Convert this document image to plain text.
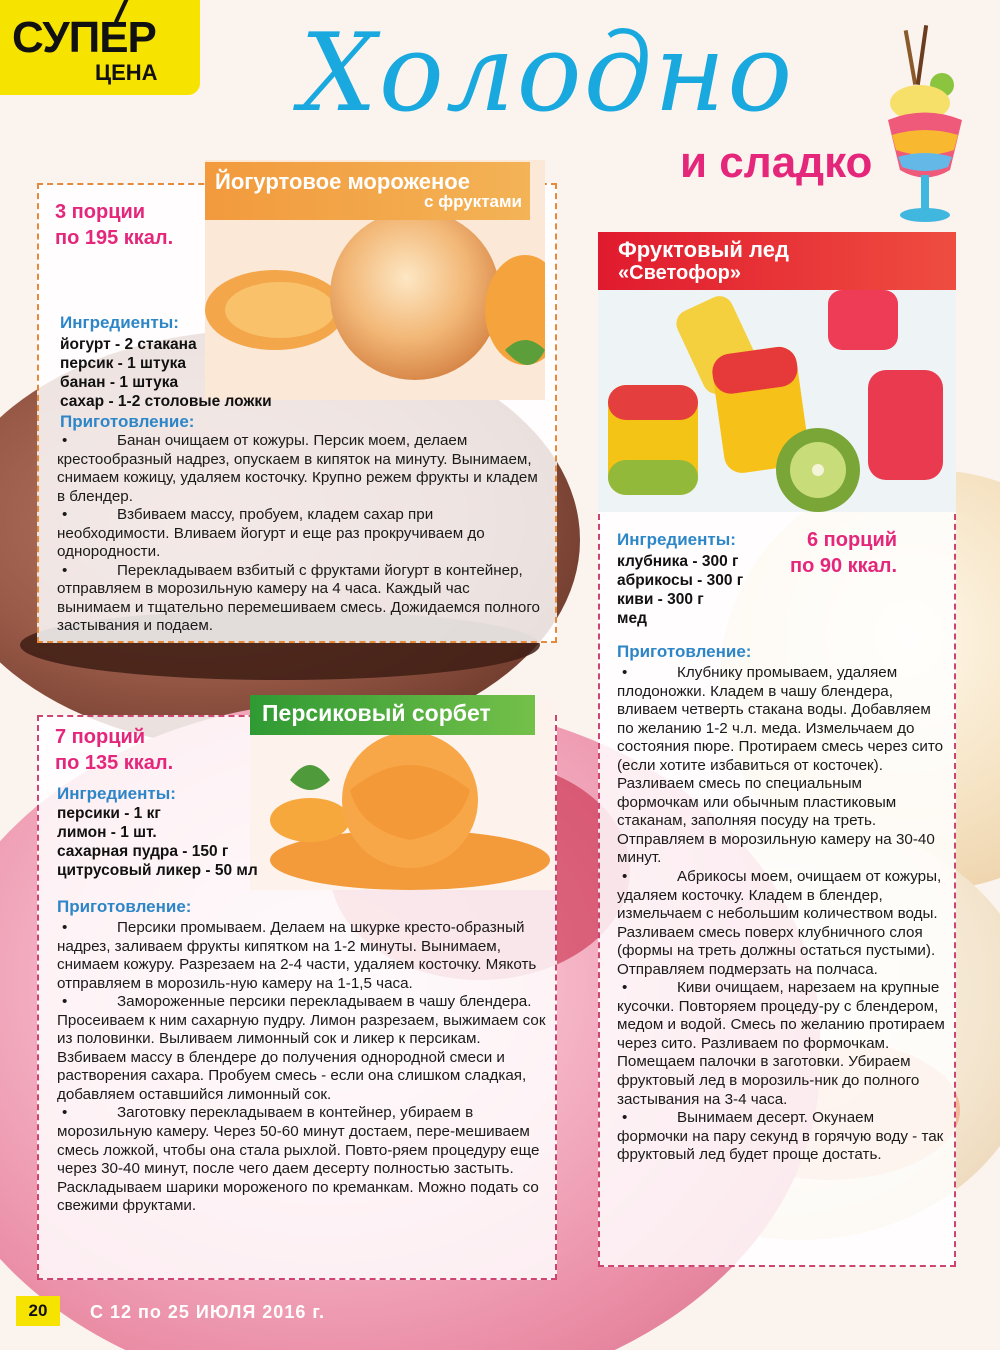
СУПЕР
ЦЕНА Холодно
и сладко
Йогуртовое мороженое
с фруктами
Персиковый сорбет
Фруктовый лед
«Светофор»
3 порции
по 195 ккал.
7 порций
по 135 ккал.
6 порций
по 90 ккал.
Ингредиенты:
йогурт - 2 стакана
персик - 1 штука
банан - 1 штука
сахар - 1-2 столовые ложки
Приготовление:
•	Банан очищаем от кожуры. Персик моем, делаем крестообразный надрез, опускаем в кипяток на минуту. Вынимаем, снимаем кожицу, удаляем косточку. Крупно режем фрукты и кладем в блендер.
•	Взбиваем массу, пробуем, кладем сахар при необходимости. Вливаем йогурт и еще раз прокручиваем до однородности.
•	Перекладываем взбитый с фруктами йогурт в контейнер, отправляем в морозильную камеру на 4 часа. Каждый час вынимаем и тщательно перемешиваем смесь. Дожидаемся полного застывания и подаем.
Ингредиенты:
персики - 1 кг
лимон - 1 шт.
сахарная пудра - 150 г
цитрусовый ликер - 50 мл
Приготовление:
•	Персики промываем. Делаем на шкурке кресто-образный надрез, заливаем фрукты кипятком на 1-2 минуты. Вынимаем, снимаем кожуру. Разрезаем на 2-4 части, удаляем косточку. Мякоть отправляем в морозиль-ную камеру на 1-1,5 часа.
•	Замороженные персики перекладываем в чашу блендера. Просеиваем к ним сахарную пудру. Лимон разрезаем, выжимаем сок из половинки. Выливаем лимонный сок и ликер к персикам. Взбиваем массу в блендере до получения однородной смеси и растворения сахара. Пробуем смесь - если она слишком сладкая, добавляем оставшийся лимонный сок.
•	Заготовку перекладываем в контейнер, убираем в морозильную камеру. Через 50-60 минут достаем, пере-мешиваем смесь ложкой, чтобы она стала рыхлой. Повто-ряем процедуру еще через 30-40 минут, после чего даем десерту полностью застыть. Раскладываем шарики мороженого по креманкам. Можно подать со свежими фруктами.
Ингредиенты:
клубника - 300 г
абрикосы - 300 г
киви - 300 г
мед
Приготовление:
•	Клубнику промываем, удаляем плодоножки. Кладем в чашу блендера, вливаем четверть стакана воды. Добавляем по желанию 1-2 ч.л. меда. Измельчаем до состояния пюре. Протираем смесь через сито (если хотите избавиться от косточек). Разливаем смесь по специальным формочкам или обычным пластиковым стаканам, заполняя посуду на треть. Отправляем в морозильную камеру на 30-40 минут.
•	Абрикосы моем, очищаем от кожуры, удаляем косточку. Кладем в блендер, измельчаем с небольшим количеством воды. Разливаем смесь поверх клубничного слоя (формы на треть должны остаться пустыми). Отправляем подмерзать на полчаса.
•	Киви очищаем, нарезаем на крупные кусочки. Повторяем процеду-ру с блендером, медом и водой. Смесь по желанию протираем через сито. Разливаем по формочкам. Помещаем палочки в заготовки. Убираем фруктовый лед в морозиль-ник до полного застывания на 3-4 часа.
•	Вынимаем десерт. Окунаем формочки на пару секунд в горячую воду - так фруктовый лед будет проще достать.
20	С 12 по 25 ИЮЛЯ 2016 г.
